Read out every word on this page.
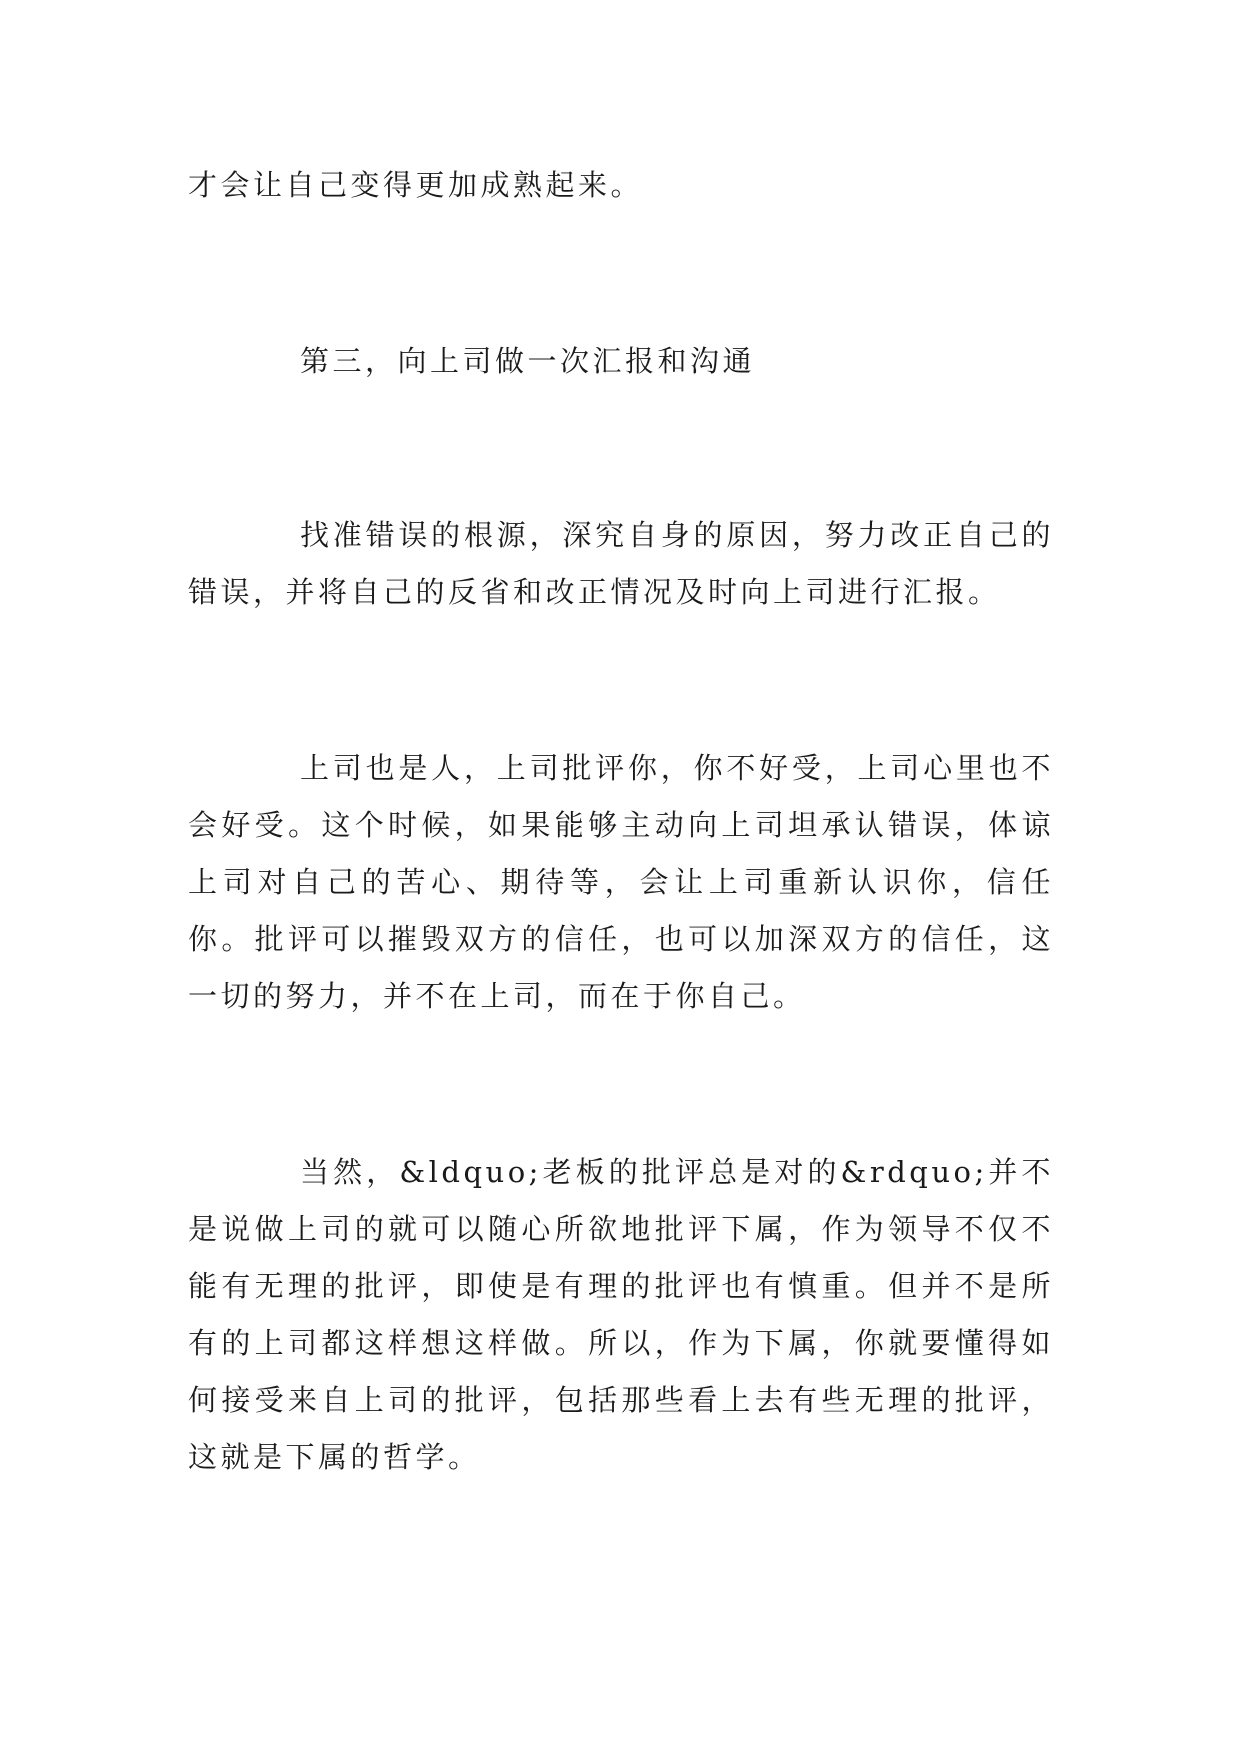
才会让自己变得更加成熟起来。

第三，向上司做一次汇报和沟通

找准错误的根源，深究自身的原因，努力改正自己的错误，并将自己的反省和改正情况及时向上司进行汇报。

上司也是人，上司批评你，你不好受，上司心里也不会好受。这个时候，如果能够主动向上司坦承认错误，体谅上司对自己的苦心、期待等，会让上司重新认识你，信任你。批评可以摧毁双方的信任，也可以加深双方的信任，这一切的努力，并不在上司，而在于你自己。

当然，&ldquo;老板的批评总是对的&rdquo;并不是说做上司的就可以随心所欲地批评下属，作为领导不仅不能有无理的批评，即使是有理的批评也有慎重。但并不是所有的上司都这样想这样做。所以，作为下属，你就要懂得如何接受来自上司的批评，包括那些看上去有些无理的批评，这就是下属的哲学。
